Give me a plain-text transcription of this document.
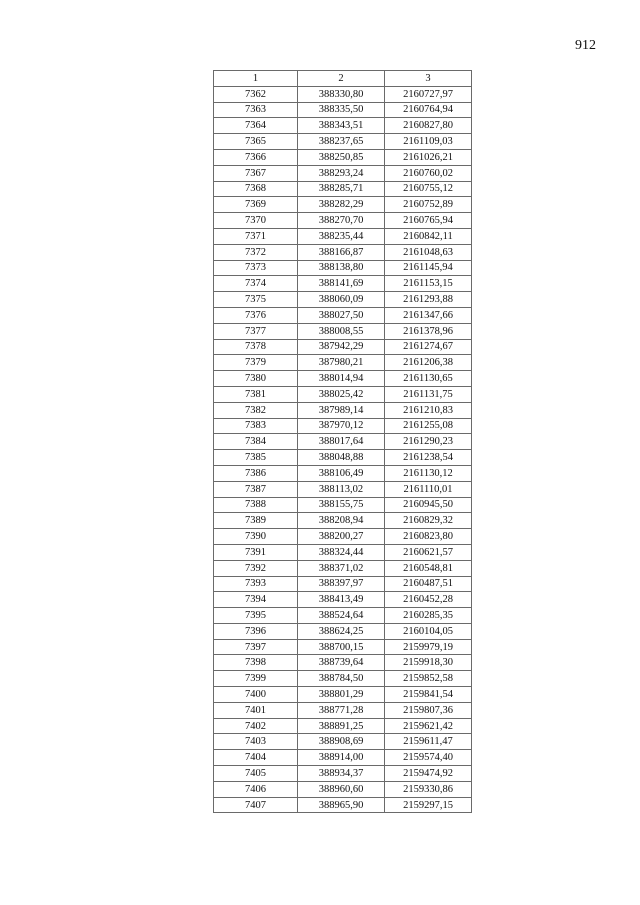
912
1	2	3
7362	388330,80	2160727,97
7363	388335,50	2160764,94
7364	388343,51	2160827,80
7365	388237,65	2161109,03
7366	388250,85	2161026,21
7367	388293,24	2160760,02
7368	388285,71	2160755,12
7369	388282,29	2160752,89
7370	388270,70	2160765,94
7371	388235,44	2160842,11
7372	388166,87	2161048,63
7373	388138,80	2161145,94
7374	388141,69	2161153,15
7375	388060,09	2161293,88
7376	388027,50	2161347,66
7377	388008,55	2161378,96
7378	387942,29	2161274,67
7379	387980,21	2161206,38
7380	388014,94	2161130,65
7381	388025,42	2161131,75
7382	387989,14	2161210,83
7383	387970,12	2161255,08
7384	388017,64	2161290,23
7385	388048,88	2161238,54
7386	388106,49	2161130,12
7387	388113,02	2161110,01
7388	388155,75	2160945,50
7389	388208,94	2160829,32
7390	388200,27	2160823,80
7391	388324,44	2160621,57
7392	388371,02	2160548,81
7393	388397,97	2160487,51
7394	388413,49	2160452,28
7395	388524,64	2160285,35
7396	388624,25	2160104,05
7397	388700,15	2159979,19
7398	388739,64	2159918,30
7399	388784,50	2159852,58
7400	388801,29	2159841,54
7401	388771,28	2159807,36
7402	388891,25	2159621,42
7403	388908,69	2159611,47
7404	388914,00	2159574,40
7405	388934,37	2159474,92
7406	388960,60	2159330,86
7407	388965,90	2159297,15
